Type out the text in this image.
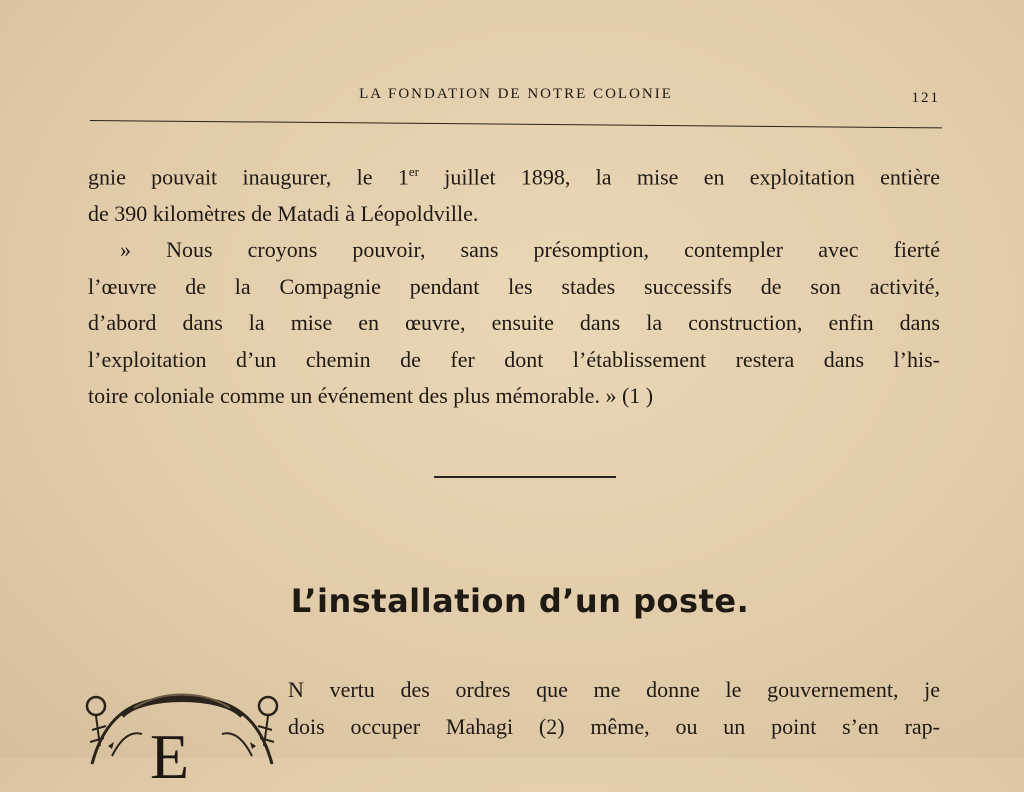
LA FONDATION DE NOTRE COLONIE	121
gnie pouvait inaugurer, le 1er juillet 1898, la mise en exploitation entière
de 390 kilomètres de Matadi à Léopoldville.
» Nous croyons pouvoir, sans présomption, contempler avec fierté
l’œuvre de la Compagnie pendant les stades successifs de son activité,
d’abord dans la mise en œuvre, ensuite dans la construction, enfin dans
l’exploitation d’un chemin de fer dont l’établissement restera dans l’his-
toire coloniale comme un événement des plus mémorable. » (1 )
L’installation d’un poste.
E
N vertu des ordres que me donne le gouvernement, je
dois occuper Mahagi (2) même, ou un point s’en rap-
